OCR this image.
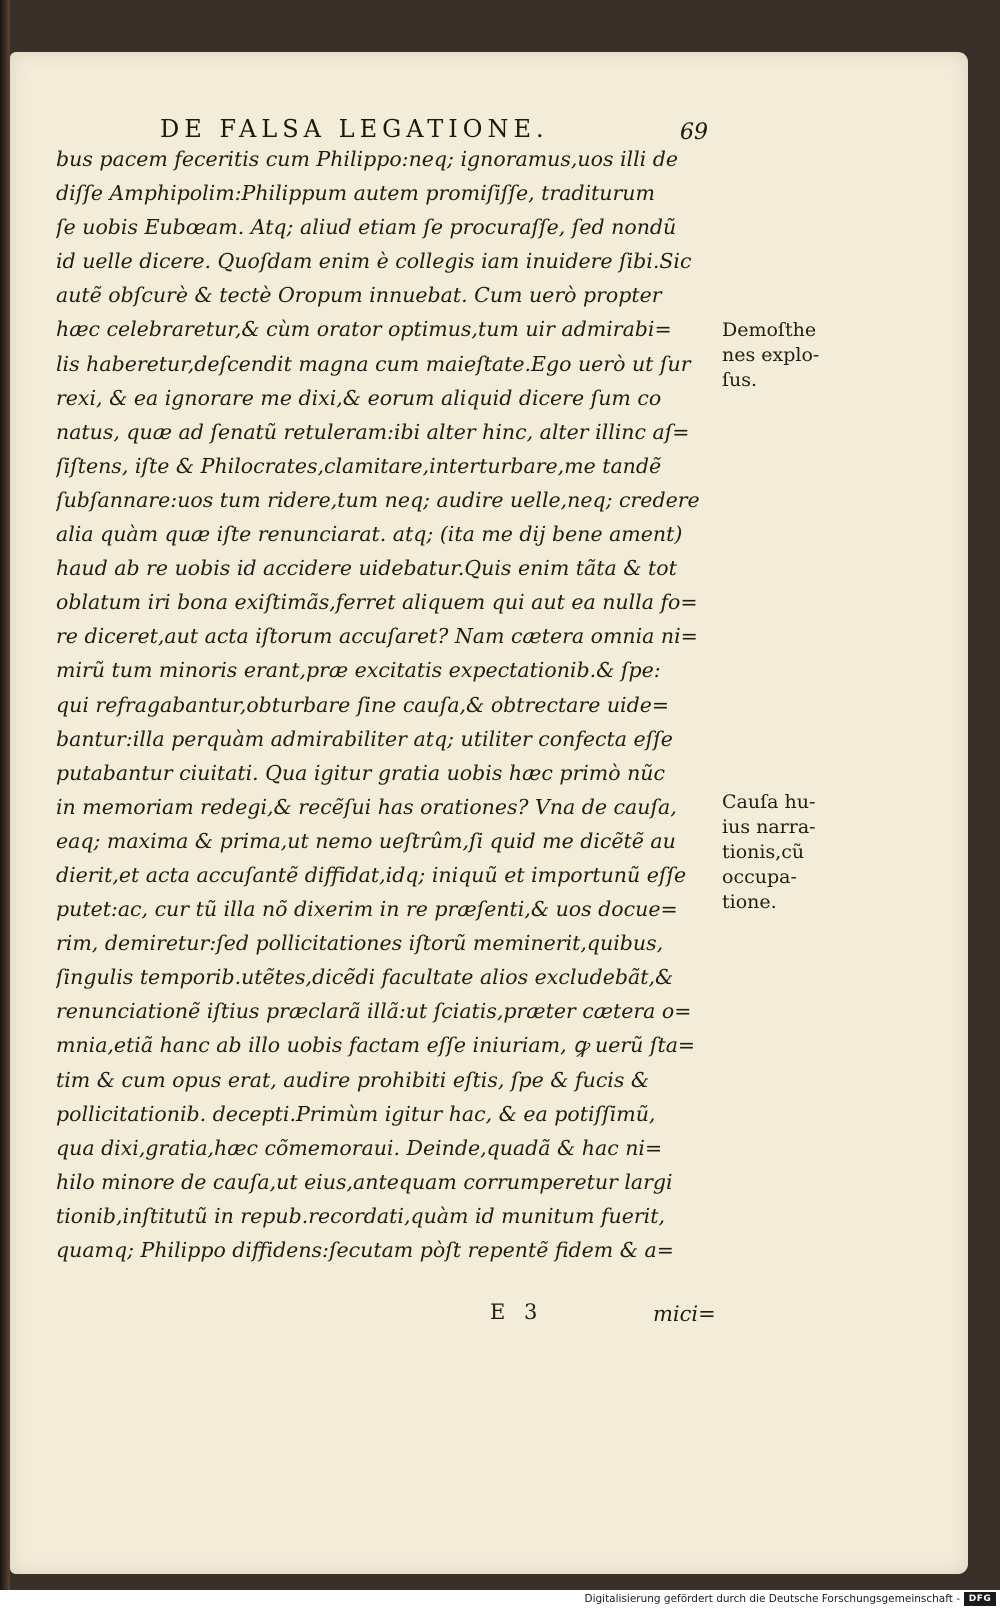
DE FALSA LEGATIONE.	69
bus pacem feceritis cum Philippo:neq; ignoramus,uos illi de
diſſe Amphipolim:Philippum autem promiſiſſe, traditurum
ſe uobis Eubœam. Atq; aliud etiam ſe procuraſſe, ſed nondũ
id uelle dicere. Quoſdam enim è collegis iam inuidere ſibi.Sic
autẽ obſcurè & tectè Oropum innuebat. Cum uerò propter
hæc celebraretur,& cùm orator optimus,tum uir admirabi=
lis haberetur,deſcendit magna cum maieſtate.Ego uerò ut ſur
rexi, & ea ignorare me dixi,& eorum aliquid dicere ſum co
natus, quæ ad ſenatũ retuleram:ibi alter hinc, alter illinc aſ=
ſiſtens, iſte & Philocrates,clamitare,interturbare,me tandẽ
ſubſannare:uos tum ridere,tum neq; audire uelle,neq; credere
alia quàm quæ iſte renunciarat. atq; (ita me dij bene ament)
haud ab re uobis id accidere uidebatur.Quis enim tãta & tot
oblatum iri bona exiſtimãs,ferret aliquem qui aut ea nulla fo=
re diceret,aut acta iſtorum accuſaret? Nam cætera omnia ni=
mirũ tum minoris erant,præ excitatis expectationib.& ſpe:
qui refragabantur,obturbare ſine cauſa,& obtrectare uide=
bantur:illa perquàm admirabiliter atq; utiliter confecta eſſe
putabantur ciuitati. Qua igitur gratia uobis hæc primò nũc
in memoriam redegi,& recẽſui has orationes? Vna de cauſa,
eaq; maxima & prima,ut nemo ueſtrûm,ſi quid me dicẽtẽ au
dierit,et acta accuſantẽ diffidat,idq; iniquũ et importunũ eſſe
putet:ac, cur tũ illa nõ dixerim in re præſenti,& uos docue=
rim, demiretur:ſed pollicitationes iſtorũ meminerit,quibus,
ſingulis temporib.utẽtes,dicẽdi facultate alios excludebãt,&
renunciationẽ iſtius præclarã illã:ut ſciatis,præter cætera o=
mnia,etiã hanc ab illo uobis factam eſſe iniuriam, ꝙ uerũ ſta=
tim & cum opus erat, audire prohibiti eſtis, ſpe & fucis &
pollicitationib. decepti.Primùm igitur hac, & ea potiſſimũ,
qua dixi,gratia,hæc cõmemoraui. Deinde,quadã & hac ni=
hilo minore de cauſa,ut eius,antequam corrumperetur largi
tionib,inſtitutũ in repub.recordati,quàm id munitum fuerit,
quamq; Philippo diffidens:ſecutam pòſt repentẽ fidem & a=
Demoſthe
nes explo-
ſus.
Cauſa hu-
ius narra-
tionis,cũ
occupa-
tione.
E 3	mici=
Digitalisierung gefördert durch die Deutsche Forschungsgemeinschaft - DFG
